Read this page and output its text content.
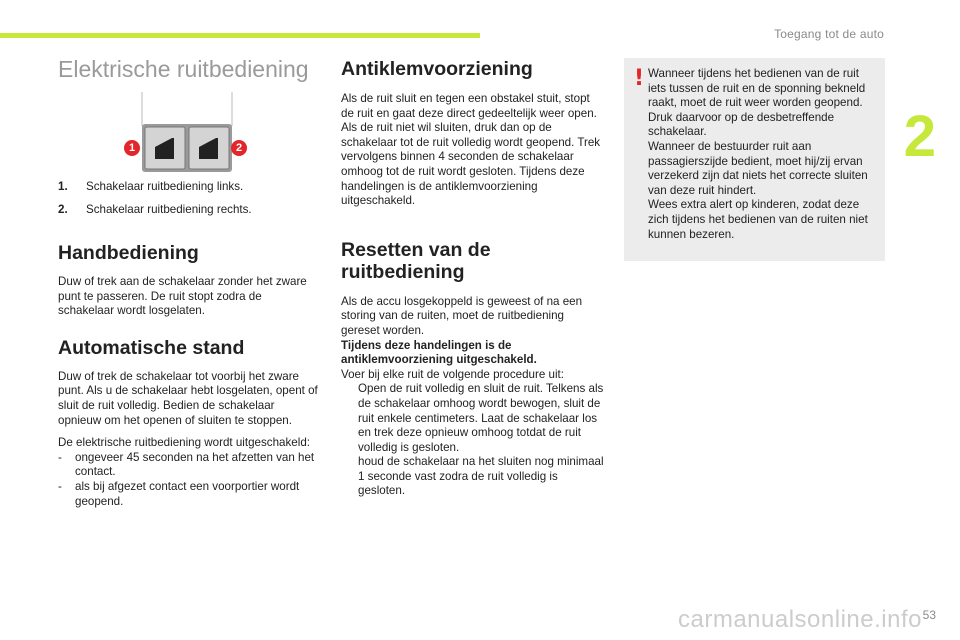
Toegang tot de auto
2
Elektrische ruitbediening
1	2
1. Schakelaar ruitbediening links.
2. Schakelaar ruitbediening rechts.
Handbediening

Duw of trek aan de schakelaar zonder het zware punt te passeren. De ruit stopt zodra de schakelaar wordt losgelaten.

Automatische stand

Duw of trek de schakelaar tot voorbij het zware punt. Als u de schakelaar hebt losgelaten, opent of sluit de ruit volledig. Bedien de schakelaar opnieuw om het openen of sluiten te stoppen.

De elektrische ruitbediening wordt uitgeschakeld:

- ongeveer 45 seconden na het afzetten van het contact.
- als bij afgezet contact een voorportier wordt geopend.
Antiklemvoorziening

Als de ruit sluit en tegen een obstakel stuit, stopt de ruit en gaat deze direct gedeeltelijk weer open.

Als de ruit niet wil sluiten, druk dan op de schakelaar tot de ruit volledig wordt geopend. Trek vervolgens binnen 4 seconden de schakelaar omhoog tot de ruit wordt gesloten. Tijdens deze handelingen is de antiklemvoorziening uitgeschakeld.

Resetten van de
ruitbediening

Als de accu losgekoppeld is geweest of na een storing van de ruiten, moet de ruitbediening gereset worden.

Tijdens deze handelingen is de antiklemvoorziening uitgeschakeld.

Voer bij elke ruit de volgende procedure uit:

Open de ruit volledig en sluit de ruit. Telkens als de schakelaar omhoog wordt bewogen, sluit de ruit enkele centimeters. Laat de schakelaar los en trek deze opnieuw omhoog totdat de ruit volledig is gesloten.
houd de schakelaar na het sluiten nog minimaal 1 seconde vast zodra de ruit volledig is gesloten.
! Wanneer tijdens het bedienen van de ruit iets tussen de ruit en de sponning bekneld raakt, moet de ruit weer worden geopend. Druk daarvoor op de desbetreffende schakelaar.

Wanneer de bestuurder ruit aan passagierszijde bedient, moet hij/zij ervan verzekerd zijn dat niets het correcte sluiten van deze ruit hindert.

Wees extra alert op kinderen, zodat deze zich tijdens het bedienen van de ruiten niet kunnen bezeren.

carmanualsonline.info 53
